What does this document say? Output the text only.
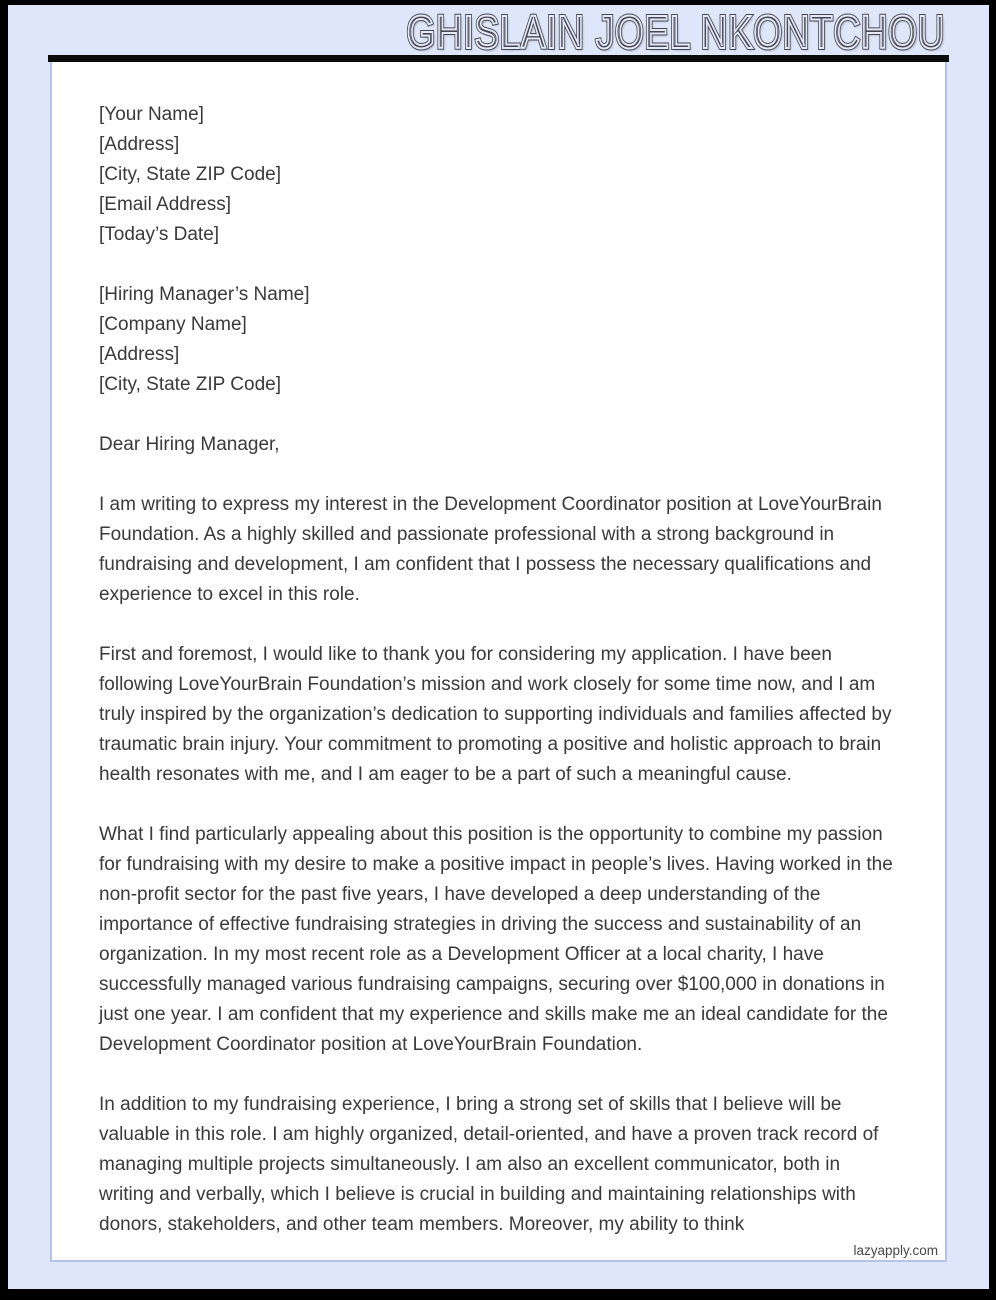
GHISLAIN JOEL NKONTCHOU GHISLAIN JOEL NKONTCHOU
[Your Name]
[Address]
[City, State ZIP Code]
[Email Address]
[Today’s Date]
[Hiring Manager’s Name]
[Company Name]
[Address]
[City, State ZIP Code]
Dear Hiring Manager,

I am writing to express my interest in the Development Coordinator position at LoveYourBrain Foundation. As a highly skilled and passionate professional with a strong background in fundraising and development, I am confident that I possess the necessary qualifications and experience to excel in this role.

First and foremost, I would like to thank you for considering my application. I have been following LoveYourBrain Foundation’s mission and work closely for some time now, and I am truly inspired by the organization’s dedication to supporting individuals and families affected by traumatic brain injury. Your commitment to promoting a positive and holistic approach to brain health resonates with me, and I am eager to be a part of such a meaningful cause.

What I find particularly appealing about this position is the opportunity to combine my passion for fundraising with my desire to make a positive impact in people’s lives. Having worked in the non-profit sector for the past five years, I have developed a deep understanding of the importance of effective fundraising strategies in driving the success and sustainability of an organization. In my most recent role as a Development Officer at a local charity, I have successfully managed various fundraising campaigns, securing over $100,000 in donations in just one year. I am confident that my experience and skills make me an ideal candidate for the Development Coordinator position at LoveYourBrain Foundation.

In addition to my fundraising experience, I bring a strong set of skills that I believe will be valuable in this role. I am highly organized, detail-oriented, and have a proven track record of managing multiple projects simultaneously. I am also an excellent communicator, both in writing and verbally, which I believe is crucial in building and maintaining relationships with donors, stakeholders, and other team members. Moreover, my ability to think

lazyapply.com
